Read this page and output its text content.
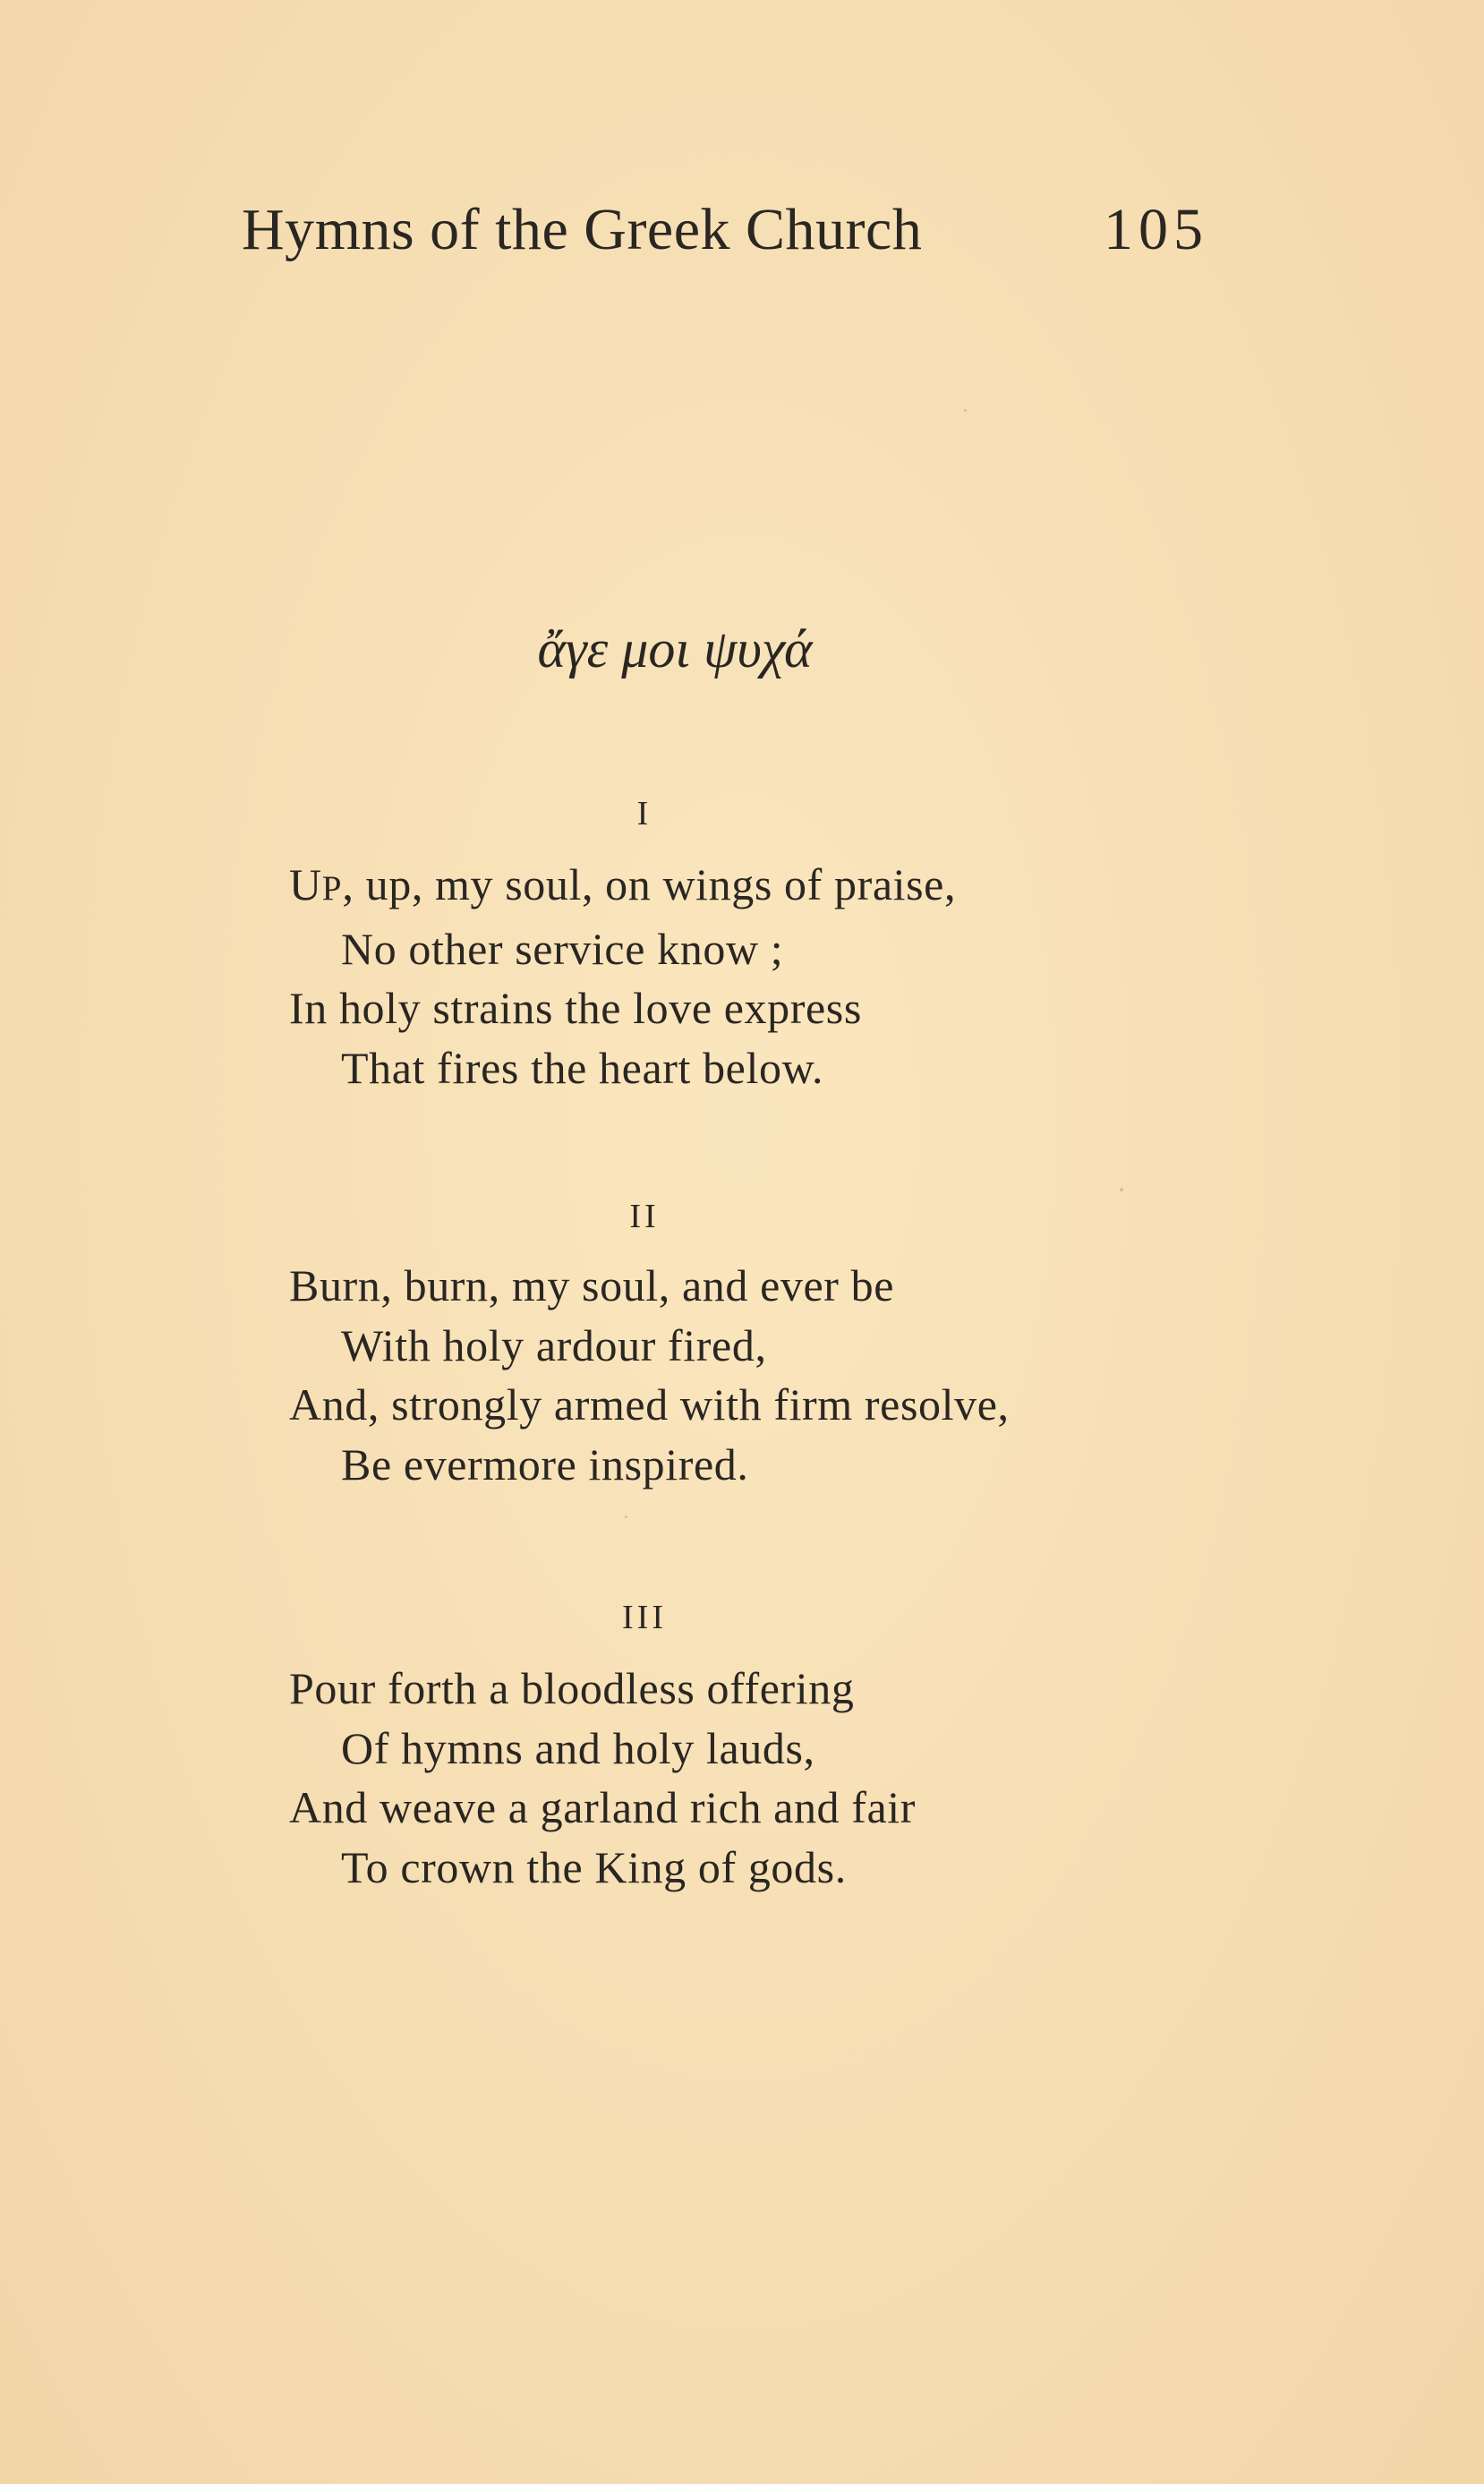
Hymns of the Greek Church	105
ἄγε μοι ψυχά
I
UP, up, my soul, on wings of praise,
No other service know ;
In holy strains the love express
That fires the heart below.
II
Burn, burn, my soul, and ever be
With holy ardour fired,
And, strongly armed with firm resolve,
Be evermore inspired.
III
Pour forth a bloodless offering
Of hymns and holy lauds,
And weave a garland rich and fair
To crown the King of gods.
